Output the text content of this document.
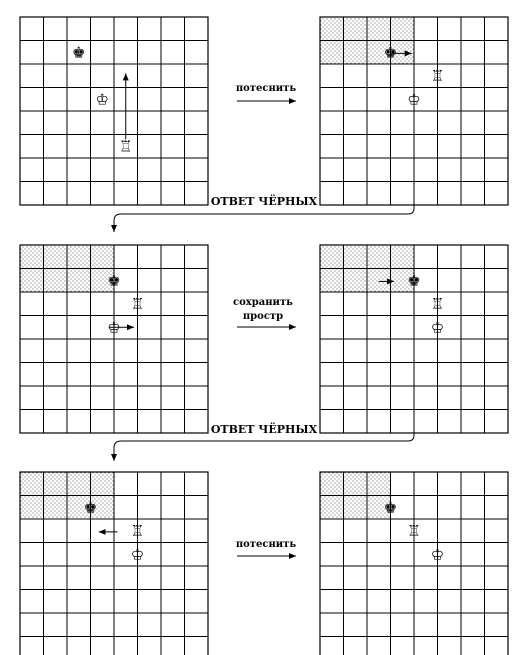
♚
♔
♖
♚
♖
♔
♚
♖
♔
♚
♖
♔
♚
♖
♔
♚
♖
♔
потеснить
сохранить
простр
потеснить
ОТВЕТ ЧЁРНЫХ
ОТВЕТ ЧЁРНЫХ
